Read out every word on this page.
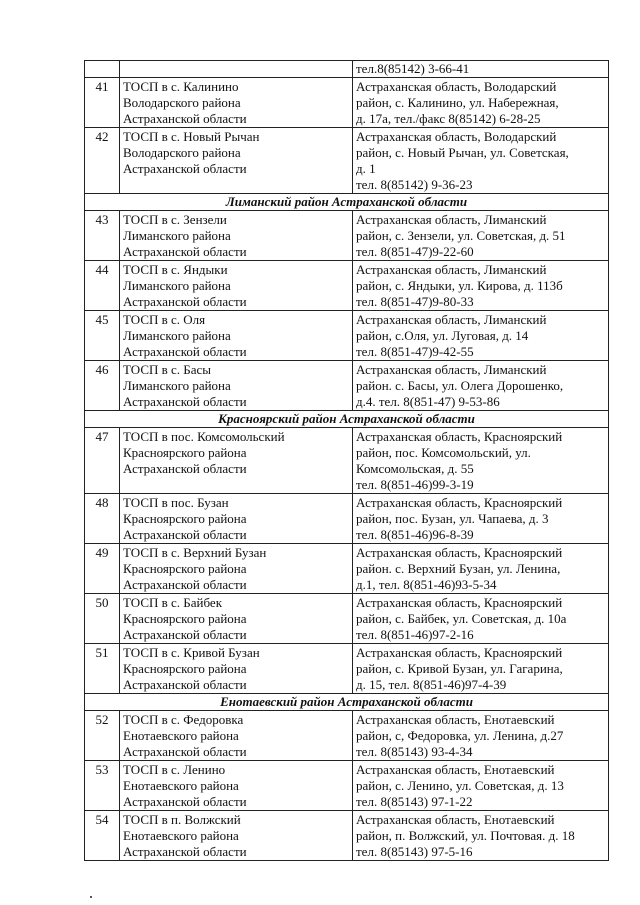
		тел.8(85142) 3-66-41
41	ТОСП в с. Калинино
Володарского района
Астраханской области	Астраханская область, Володарский
район, с. Калинино, ул. Набережная,
д. 17а, тел./факс 8(85142) 6-28-25
42	ТОСП в с. Новый Рычан
Володарского района
Астраханской области	Астраханская область, Володарский
район, с. Новый Рычан, ул. Советская,
д. 1
тел. 8(85142) 9-36-23
Лиманский район Астраханской области		
43	ТОСП в с. Зензели
Лиманского района
Астраханской области	Астраханская область, Лиманский
район, с. Зензели, ул. Советская, д. 51
тел. 8(851-47)9-22-60
44	ТОСП в с. Яндыки
Лиманского района
Астраханской области	Астраханская область, Лиманский
район, с. Яндыки, ул. Кирова, д. 113б
тел. 8(851-47)9-80-33
45	ТОСП в с. Оля
Лиманского района
Астраханской области	Астраханская область, Лиманский
район, с.Оля, ул. Луговая, д. 14
тел. 8(851-47)9-42-55
46	ТОСП в с. Басы
Лиманского района
Астраханской области	Астраханская область, Лиманский
район. с. Басы, ул. Олега Дорошенко,
д.4. тел. 8(851-47) 9-53-86
Красноярский район Астраханской области		
47	ТОСП в пос. Комсомольский
Красноярского района
Астраханской области	Астраханская область, Красноярский
район, пос. Комсомольский, ул.
Комсомольская, д. 55
тел. 8(851-46)99-3-19
48	ТОСП в пос. Бузан
Красноярского района
Астраханской области	Астраханская область, Красноярский
район, пос. Бузан, ул. Чапаева, д. 3
тел. 8(851-46)96-8-39
49	ТОСП в с. Верхний Бузан
Красноярского района
Астраханской области	Астраханская область, Красноярский
район. с. Верхний Бузан, ул. Ленина,
д.1, тел. 8(851-46)93-5-34
50	ТОСП в с. Байбек
Красноярского района
Астраханской области	Астраханская область, Красноярский
район, с. Байбек, ул. Советская, д. 10а
тел. 8(851-46)97-2-16
51	ТОСП в с. Кривой Бузан
Красноярского района
Астраханской области	Астраханская область, Красноярский
район, с. Кривой Бузан, ул. Гагарина,
д. 15, тел. 8(851-46)97-4-39
Енотаевский район Астраханской области		
52	ТОСП в с. Федоровка
Енотаевского района
Астраханской области	Астраханская область, Енотаевский
район, с, Федоровка, ул. Ленина, д.27
тел. 8(85143) 93-4-34
53	ТОСП в с. Ленино
Енотаевского района
Астраханской области	Астраханская область, Енотаевский
район, с. Ленино, ул. Советская, д. 13
тел. 8(85143) 97-1-22
54	ТОСП в п. Волжский
Енотаевского района
Астраханской области	Астраханская область, Енотаевский
район, п. Волжский, ул. Почтовая. д. 18
тел. 8(85143) 97-5-16
